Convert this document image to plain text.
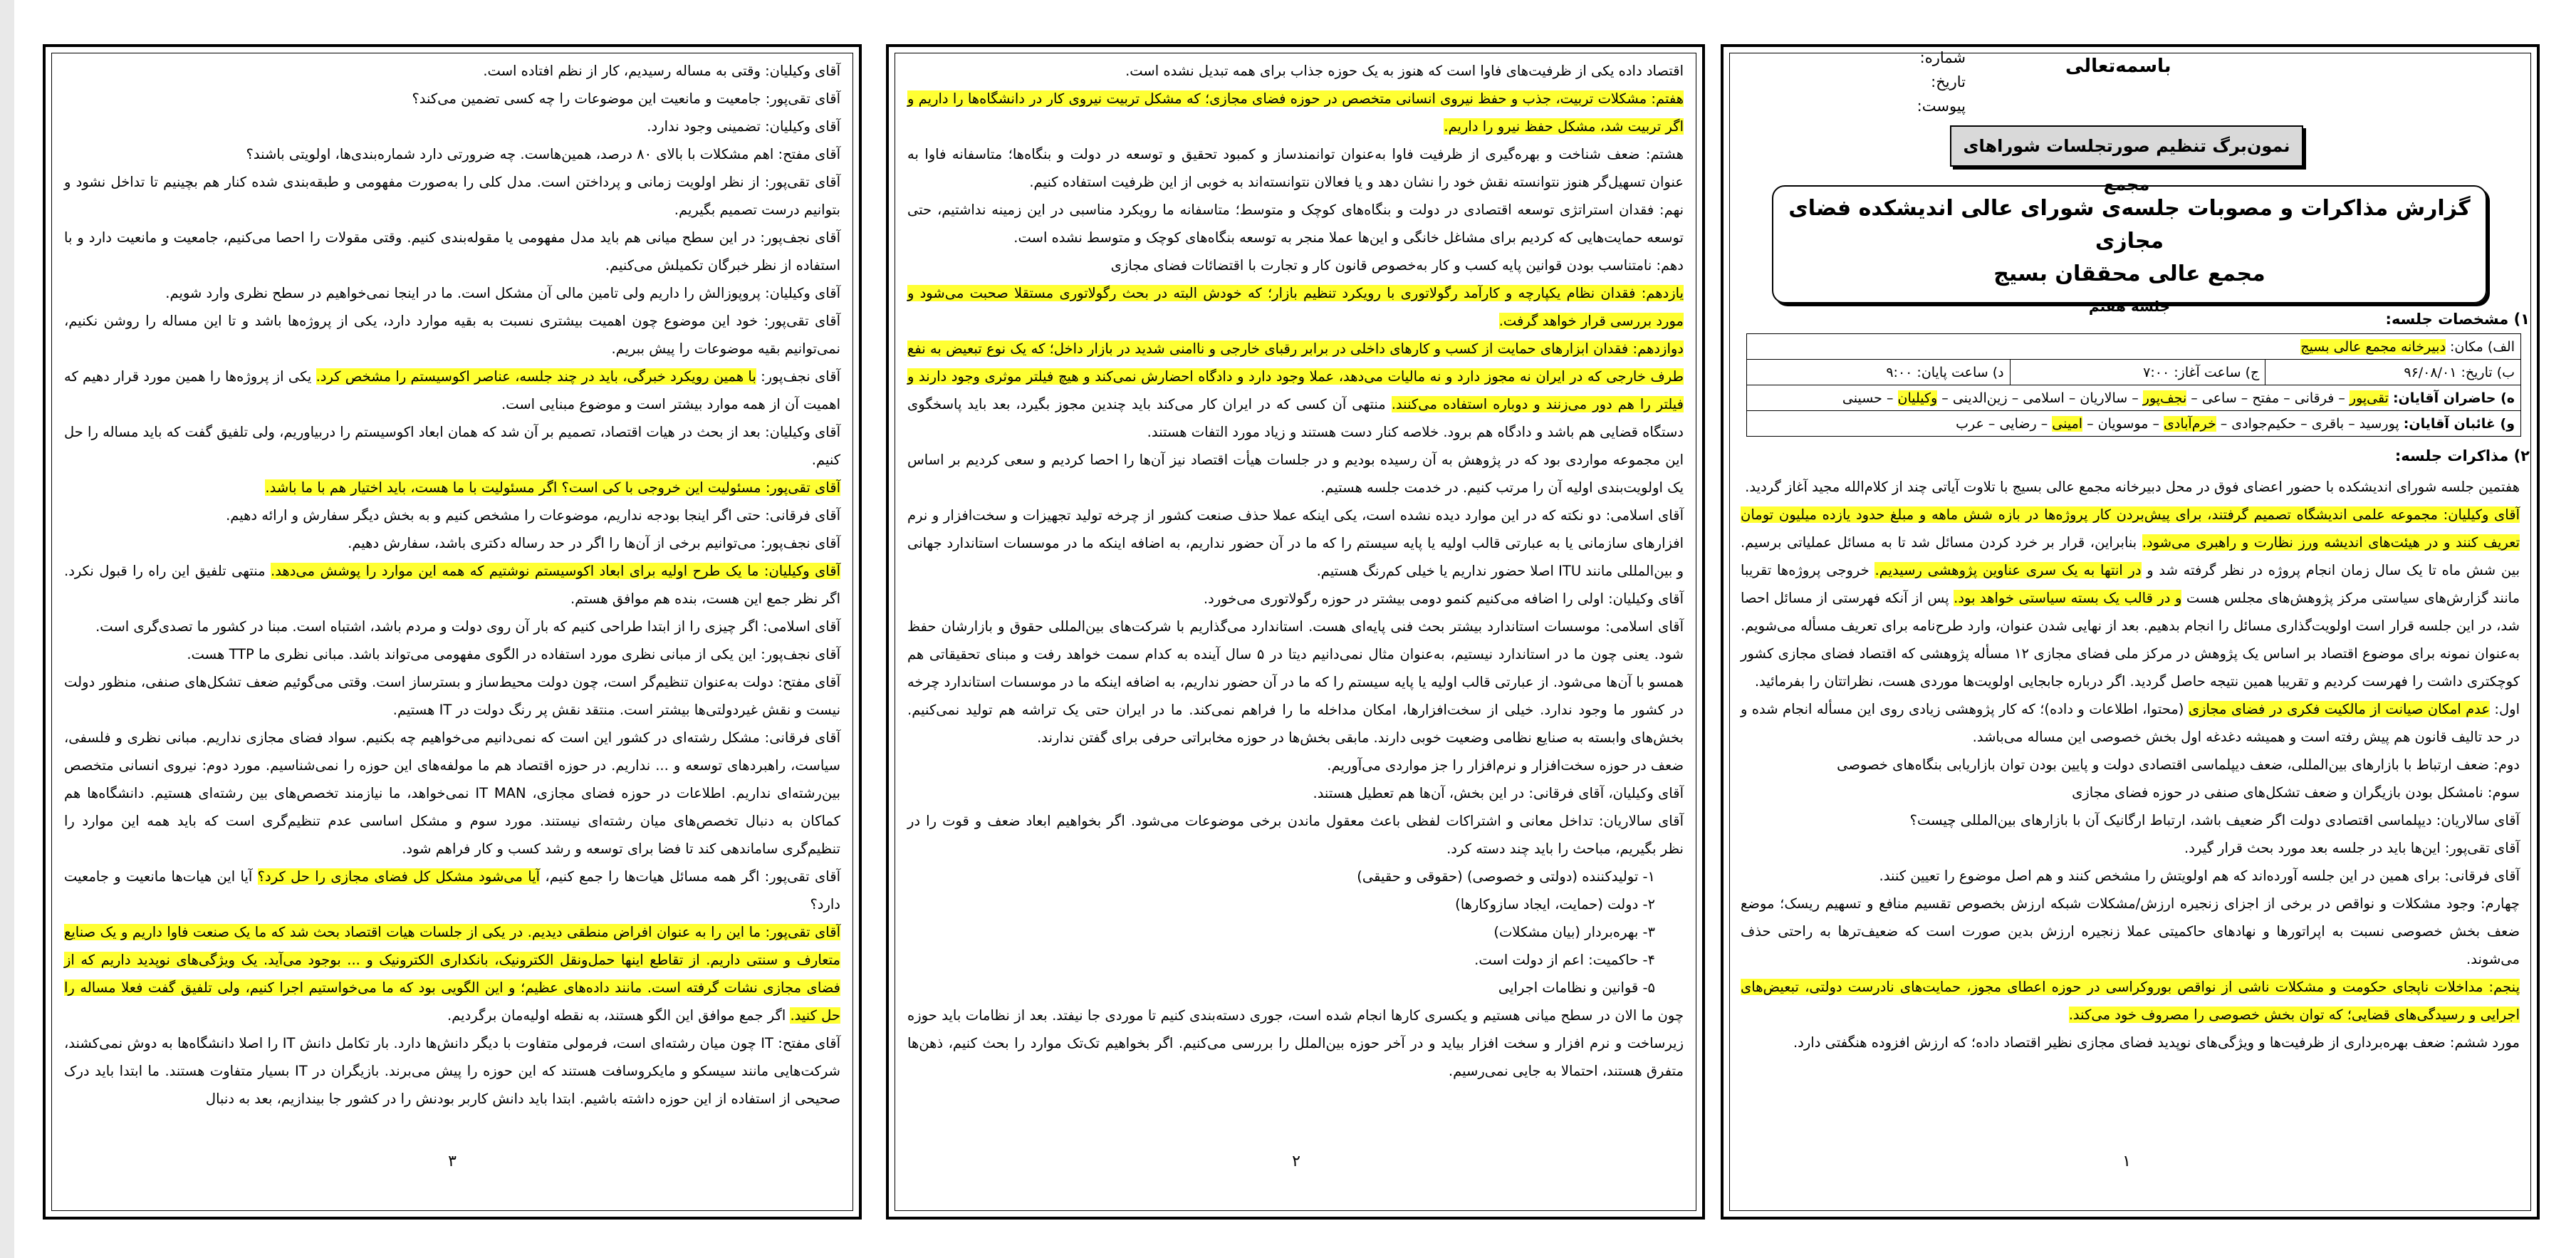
آقای وکیلیان: وقتی به مساله رسیدیم، کار از نظم افتاده است.

آقای تقی‌پور: جامعیت و مانعیت این موضوعات را چه کسی تضمین می‌کند؟

آقای وکیلیان: تضمینی وجود ندارد.

آقای مفتح: اهم مشکلات با بالای ۸۰ درصد، همین‌هاست. چه ضرورتی دارد شماره‌بندی‌ها، اولویتی باشند؟

آقای تقی‌پور: از نظر اولویت زمانی و پرداختن است. مدل کلی را به‌صورت مفهومی و طبقه‌بندی شده کنار هم بچینیم تا تداخل نشود و بتوانیم درست تصمیم بگیریم.

آقای نجف‌پور: در این سطح میانی هم باید مدل مفهومی یا مقوله‌بندی کنیم. وقتی مقولات را احصا می‌کنیم، جامعیت و مانعیت دارد و با استفاده از نظر خبرگان تکمیلش می‌کنیم.

آقای وکیلیان: پروپوزالش را داریم ولی تامین مالی آن مشکل است. ما در اینجا نمی‌خواهیم در سطح نظری وارد شویم.

آقای تقی‌پور: خود این موضوع چون اهمیت بیشتری نسبت به بقیه موارد دارد، یکی از پروژه‌ها باشد و تا این مساله را روشن نکنیم، نمی‌توانیم بقیه موضوعات را پیش ببریم.

آقای نجف‌پور: با همین رویکرد خبرگی، باید در چند جلسه، عناصر اکوسیستم را مشخص کرد. یکی از پروژه‌ها را همین مورد قرار دهیم که اهمیت آن از همه موارد بیشتر است و موضوع مبنایی است.

آقای وکیلیان: بعد از بحث در هیات اقتصاد، تصمیم بر آن شد که همان ابعاد اکوسیستم را دربیاوریم، ولی تلفیق گفت که باید مساله را حل کنیم.

آقای تقی‌پور: مسئولیت این خروجی با کی است؟ اگر مسئولیت با ما هست، باید اختیار هم با ما باشد.

آقای فرقانی: حتی اگر اینجا بودجه نداریم، موضوعات را مشخص کنیم و به بخش دیگر سفارش و ارائه دهیم.

آقای نجف‌پور: می‌توانیم برخی از آن‌ها را اگر در حد رساله دکتری باشد، سفارش دهیم.

آقای وکیلیان: ما یک طرح اولیه برای ابعاد اکوسیستم نوشتیم که همه این موارد را پوشش می‌دهد. منتهی تلفیق این راه را قبول نکرد. اگر نظر جمع این هست، بنده هم موافق هستم.

آقای اسلامی: اگر چیزی را از ابتدا طراحی کنیم که بار آن روی دولت و مردم باشد، اشتباه است. مبنا در کشور ما تصدی‌گری است.

آقای نجف‌پور: این یکی از مبانی نظری مورد استفاده در الگوی مفهومی می‌تواند باشد. مبانی نظری ما TTP هست.

آقای مفتح: دولت به‌عنوان تنظیم‌گر است، چون دولت محیط‌ساز و بسترساز است. وقتی می‌گوئیم ضعف تشکل‌های صنفی، منظور دولت نیست و نقش غیردولتی‌ها بیشتر است. منتقد نقش پر رنگ دولت در IT هستیم.

آقای فرقانی: مشکل رشته‌ای در کشور این است که نمی‌دانیم می‌خواهیم چه بکنیم. سواد فضای مجازی نداریم. مبانی نظری و فلسفی، سیاست، راهبردهای توسعه و ... نداریم. در حوزه اقتصاد هم ما مولفه‌های این حوزه را نمی‌شناسیم. مورد دوم: نیروی انسانی متخصص بین‌رشته‌ای نداریم. اطلاعات در حوزه فضای مجازی، IT MAN نمی‌خواهد، ما نیازمند تخصص‌های بین رشته‌ای هستیم. دانشگاه‌ها هم کماکان به دنبال تخصص‌های میان رشته‌ای نیستند. مورد سوم و مشکل اساسی عدم تنظیم‌گری است که باید همه این موارد را تنظیم‌گری ساماندهی کند تا فضا برای توسعه و رشد کسب و کار فراهم شود.

آقای تقی‌پور: اگر همه مسائل هیات‌ها را جمع کنیم، آیا می‌شود مشکل کل فضای مجازی را حل کرد؟ آیا این هیات‌ها مانعیت و جامعیت دارد؟

آقای تقی‌پور: ما این را به عنوان افراض منطقی دیدیم. در یکی از جلسات هیات اقتصاد بحث شد که ما یک صنعت فاوا داریم و یک صنایع متعارف و سنتی داریم. از تقاطع اینها حمل‌ونقل الکترونیک، بانکداری الکترونیک و ... بوجود می‌آید. یک ویژگی‌های نوپدید داریم که از فضای مجازی نشات گرفته است. مانند داده‌های عظیم؛ و این الگویی بود که ما می‌خواستیم اجرا کنیم، ولی تلفیق گفت فعلا مساله را حل کنید. اگر جمع موافق این الگو هستند، به نقطه اولیه‌مان برگردیم.

آقای مفتح: IT چون میان رشته‌ای است، فرمولی متفاوت با دیگر دانش‌ها دارد. بار تکامل دانش IT را اصلا دانشگاه‌ها به دوش نمی‌کشند، شرکت‌هایی مانند سیسکو و مایکروسافت هستند که این حوزه را پیش می‌برند. بازیگران در IT بسیار متفاوت هستند. ما ابتدا باید درک صحیحی از استفاده از این حوزه داشته باشیم. ابتدا باید دانش کاربر بودنش را در کشور جا بیندازیم، بعد به دنبال

۳

اقتصاد داده یکی از ظرفیت‌های فاوا است که هنوز به یک حوزه جذاب برای همه تبدیل نشده است.

هفتم: مشکلات تربیت، جذب و حفظ نیروی انسانی متخصص در حوزه فضای مجازی؛ که مشکل تربیت نیروی کار در دانشگاه‌ها را داریم و اگر تربیت شد، مشکل حفظ نیرو را داریم.

هشتم: ضعف شناخت و بهره‌گیری از ظرفیت فاوا به‌عنوان توانمندساز و کمبود تحقیق و توسعه در دولت و بنگاه‌ها؛ متاسفانه فاوا به عنوان تسهیل‌گر هنوز نتوانسته نقش خود را نشان دهد و یا فعالان نتوانسته‌اند به خوبی از این ظرفیت استفاده کنیم.

نهم: فقدان استراتژی توسعه اقتصادی در دولت و بنگاه‌های کوچک و متوسط؛ متاسفانه ما رویکرد مناسبی در این زمینه نداشتیم، حتی توسعه حمایت‌هایی که کردیم برای مشاغل خانگی و این‌ها عملا منجر به توسعه بنگاه‌های کوچک و متوسط نشده است.

دهم: نامتناسب بودن قوانین پایه کسب و کار به‌خصوص قانون کار و تجارت با اقتضائات فضای مجازی

یازدهم: فقدان نظام یکپارچه و کارآمد رگولاتوری با رویکرد تنظیم بازار؛ که خودش البته در بحث رگولاتوری مستقلا صحبت می‌شود و مورد بررسی قرار خواهد گرفت.

دوازدهم: فقدان ابزارهای حمایت از کسب و کارهای داخلی در برابر رقبای خارجی و ناامنی شدید در بازار داخل؛ که یک نوع تبعیض به نفع طرف خارجی که در ایران نه مجوز دارد و نه مالیات می‌دهد، عملا وجود دارد و دادگاه احضارش نمی‌کند و هیچ فیلتر موثری وجود دارند و فیلتر را هم دور می‌زنند و دوباره استفاده می‌کنند. منتهی آن کسی که در ایران کار می‌کند باید چندین مجوز بگیرد، بعد باید پاسخگوی دستگاه قضایی هم باشد و دادگاه هم برود. خلاصه کنار دست هستند و زیاد مورد التفات هستند.

این مجموعه مواردی بود که در پژوهش به آن رسیده بودیم و در جلسات هیأت اقتصاد نیز آن‌ها را احصا کردیم و سعی کردیم بر اساس یک اولویت‌بندی اولیه آن را مرتب کنیم. در خدمت جلسه هستیم.

آقای اسلامی: دو نکته که در این موارد دیده نشده است، یکی اینکه عملا حذف صنعت کشور از چرخه تولید تجهیزات و سخت‌افزار و نرم افزارهای سازمانی یا به عبارتی قالب اولیه یا پایه سیستم را که ما در آن حضور نداریم، به اضافه اینکه ما در موسسات استاندارد جهانی و بین‌المللی مانند ITU اصلا حضور نداریم یا خیلی کم‌رنگ هستیم.

آقای وکیلیان: اولی را اضافه می‌کنیم کنمو دومی بیشتر در حوزه رگولاتوری می‌خورد.

آقای اسلامی: موسسات استاندارد بیشتر بحث فنی پایه‌ای هست. استاندارد می‌گذاریم با شرکت‌های بین‌المللی حقوق و بازارشان حفظ شود. یعنی چون ما در استاندارد نیستیم، به‌عنوان مثال نمی‌دانیم دیتا در ۵ سال آینده به کدام سمت خواهد رفت و مبنای تحقیقاتی هم همسو با آن‌ها می‌شود. از عبارتی قالب اولیه یا پایه سیستم را که ما در آن حضور نداریم، به اضافه اینکه ما در موسسات استاندارد چرخه در کشور ما وجود ندارد. خیلی از سخت‌افزارها، امکان مداخله ما را فراهم نمی‌کند. ما در ایران حتی یک تراشه هم تولید نمی‌کنیم. بخش‌های وابسته به صنایع نظامی وضعیت خوبی دارند. مابقی بخش‌ها در حوزه مخابراتی حرفی برای گفتن ندارند.

ضعف در حوزه سخت‌افزار و نرم‌افزار را جز مواردی می‌آوریم.

آقای وکیلیان، آقای فرقانی: در این بخش، آن‌ها هم تعطیل هستند.

آقای سالاریان: تداخل معانی و اشتراکات لفظی باعث معقول ماندن برخی موضوعات می‌شود. اگر بخواهیم ابعاد ضعف و قوت را در نظر بگیریم، مباحث را باید چند دسته کرد.

۱- تولیدکننده (دولتی و خصوصی) (حقوقی و حقیقی)

۲- دولت (حمایت، ایجاد سازوکارها)

۳- بهره‌بردار (بیان مشکلات)

۴- حاکمیت: اعم از دولت است.

۵- قوانین و نظامات اجرایی

چون ما الان در سطح میانی هستیم و یکسری کارها انجام شده است، جوری دسته‌بندی کنیم تا موردی جا نیفتد. بعد از نظامات باید حوزه زیرساخت و نرم افزار و سخت افزار بیاید و در آخر حوزه بین‌الملل را بررسی می‌کنیم. اگر بخواهیم تک‌تک موارد را بحث کنیم، ذهن‌ها متفرق هستند، احتمالا به جایی نمی‌رسیم.

۲
باسمه‌تعالی
شماره:
تاریخ:
پیوست:
نمون‌برگ تنظیم صورتجلسات شوراهای مجمع
گزارش مذاکرات و مصوبات جلسه‌ی شورای عالی اندیشکده فضای مجازی
مجمع عالی محققان بسیج
جلسه هفتم
۱) مشخصات جلسه:
الف) مکان: دبیرخانه مجمع عالی بسیج
ب) تاریخ: ۹۶/۰۸/۰۱	ج) ساعت آغاز: ۷:۰۰	د) ساعت پایان: ۹:۰۰
ه) حاضران آقایان: تقی‌پور – فرقانی – مفتح – ساعی – نجف‌پور – سالاریان – اسلامی – زین‌الدینی – وکیلیان – حسینی
و) غائبان آقایان: پورسید – باقری – حکیم‌جوادی – خرم‌آبادی – موسویان – امینی – رضایی – عرب
۲) مذاکرات جلسه:

هفتمین جلسه شورای اندیشکده با حضور اعضای فوق در محل دبیرخانه مجمع عالی بسیج با تلاوت آیاتی چند از کلام‌الله مجید آغاز گردید.

آقای وکیلیان: مجموعه علمی اندیشگاه تصمیم گرفتند، برای پیش‌بردن کار پروژه‌ها در بازه شش ماهه و مبلغ حدود یازده میلیون تومان تعریف کنند و در هیئت‌های اندیشه ورز نظارت و راهبری می‌شود. بنابراین، قرار بر خرد کردن مسائل شد تا به مسائل عملیاتی برسیم. بین شش ماه تا یک سال زمان انجام پروژه در نظر گرفته شد و در انتها به یک سری عناوین پژوهشی رسیدیم. خروجی پروژه‌ها تقریبا مانند گزارش‌های سیاستی مرکز پژوهش‌های مجلس هست و در قالب یک بسته سیاستی خواهد بود. پس از آنکه فهرستی از مسائل احصا شد، در این جلسه قرار است اولویت‌گذاری مسائل را انجام بدهیم. بعد از نهایی شدن عنوان، وارد طرح‌نامه برای تعریف مسأله می‌شویم. به‌عنوان نمونه برای موضوع اقتصاد بر اساس یک پژوهش در مرکز ملی فضای مجازی ۱۲ مسأله پژوهشی که اقتصاد فضای مجازی کشور کوچکتری داشت را فهرست کردیم و تقریبا همین نتیجه حاصل گردید. اگر درباره جابجایی اولویت‌ها موردی هست، نظراتتان را بفرمائید.

اول: عدم امکان صیانت از مالکیت فکری در فضای مجازی (محتوا، اطلاعات و داده)؛ که کار پژوهشی زیادی روی این مسأله انجام شده و در حد تالیف قانون هم پیش رفته است و همیشه دغدغه اول بخش خصوصی این مساله می‌باشد.

دوم: ضعف ارتباط با بازارهای بین‌المللی، ضعف دیپلماسی اقتصادی دولت و پایین بودن توان بازاریابی بنگاه‌های خصوصی

سوم: نامشکل بودن بازیگران و ضعف تشکل‌های صنفی در حوزه فضای مجازی

آقای سالاریان: دیپلماسی اقتصادی دولت اگر ضعیف باشد، ارتباط ارگانیک آن با بازارهای بین‌المللی چیست؟

آقای تقی‌پور: این‌ها باید در جلسه بعد مورد بحث قرار گیرد.

آقای فرقانی: برای همین در این جلسه آورده‌اند که هم اولویتش را مشخص کنند و هم اصل موضوع را تعیین کنند.

چهارم: وجود مشکلات و نواقص در برخی از اجزای زنجیره ارزش/مشکلات شبکه ارزش بخصوص تقسیم منافع و تسهیم ریسک؛ موضع ضعف بخش خصوصی نسبت به اپراتورها و نهادهای حاکمیتی عملا زنجیره ارزش بدین صورت است که ضعیف‌ترها به راحتی حذف می‌شوند.

پنجم: مداخلات ناپجای حکومت و مشکلات ناشی از نواقص بوروکراسی در حوزه اعطای مجوز، حمایت‌های نادرست دولتی، تبعیض‌های اجرایی و رسیدگی‌های قضایی؛ که توان بخش خصوصی را مصروف خود می‌کند.

مورد ششم: ضعف بهره‌برداری از ظرفیت‌ها و ویژگی‌های نوپدید فضای مجازی نظیر اقتصاد داده؛ که ارزش افزوده هنگفتی دارد.

۱
